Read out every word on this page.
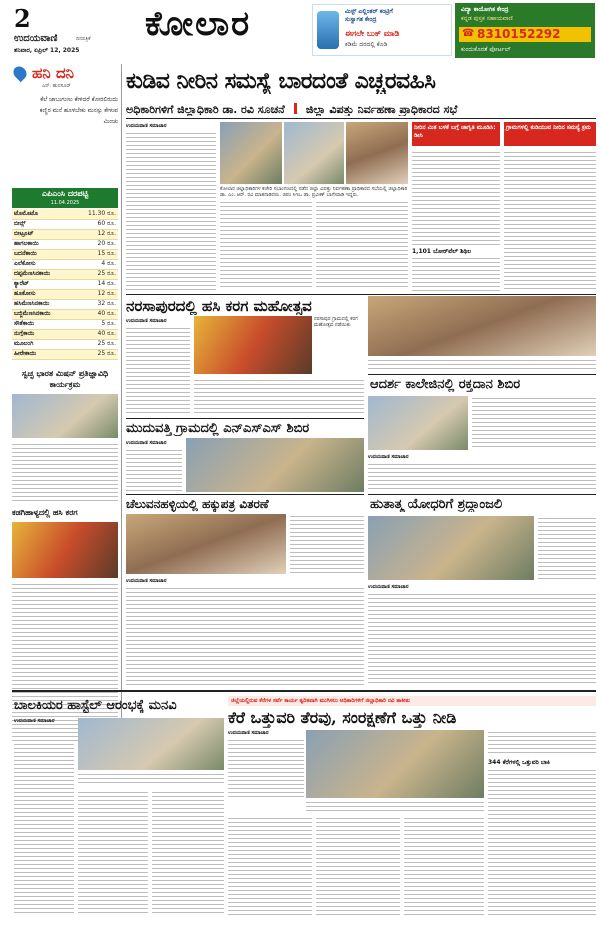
2
ಉದಯವಾಣಿ	ದಿನಪತ್ರಿಕೆ
ಶನಿವಾರ, ಏಪ್ರಿಲ್ 12, 2025
ಕೋಲಾರ	ಮಿಸ್ಟ್ ಎಲ್ಲಿಂತರ್ ಕಂಟ್ರಿಗೆ
ಸುಸ್ವಾಗತ ಕೇಂದ್ರ
ಈಗಲೇ ಬುಕ್ ಮಾಡಿ
ಕಡಿಮೆ ದರದಲ್ಲಿ ಕೊಡಿ
ವಿದ್ಯಾ ಕಾಯೋಗಿಕ ಕೇಂದ್ರ
ಕನ್ನಡ ಪುಸ್ತಕ ಸಹಾಯವಾಣಿ
☎ 8310152292
ಕುಂದುಕೊರತೆ ಪೋರ್ಟಲ್
ಹನಿ ದನಿ
ಎನ್. ಹುನಸೂರ್
ಕೆಲೆ ಜಾಬುಗುಣು ಕೇಳಿದರೆ ಕೋರಲಿರುದು ಕಣ್ಣಿರ ಮನೆ ಹೂಳಬೇಕು ಮನಸ್ಸು ಕೇಳುವ ಮಿಂಚು
ಎಪಿಎಂಸಿ ದರಪಟ್ಟಿ
11.04.2025
ಟೊಮೊಟೊ	11.30 ರೂ.
ಬೀನ್ಸ್	60 ರೂ.
ಬೀಟ್ರೂಟ್	12 ರೂ.
ಹಾಗಲಕಾಯಿ	20 ರೂ.
ಬದನೆಕಾಯಿ	15 ರೂ.
ಎಲೆಕೋಸು	4 ರೂ.
ದಪ್ಪಮೆಣಸಿನಕಾಯಿ	25 ರೂ.
ಕ್ಯಾರೆಟ್	14 ರೂ.
ಹೂಕೋಸು	12 ರೂ.
ಹಸಿಮೆಣಸಿನಕಾಯಿ	32 ರೂ.
ಬಜ್ಜಿಮೆಣಸಿನಕಾಯಿ	40 ರೂ.
ಸೌತೆಕಾಯಿ	5 ರೂ.
ನುಗ್ಗೆಕಾಯಿ	40 ರೂ.
ಮೂಲಂಗಿ	25 ರೂ.
ಹೀರೇಕಾಯಿ	25 ರೂ.
ಸ್ವಚ್ಛ ಭಾರತ ಮಿಷನ್ ಪ್ರತಿಜ್ಞಾವಿಧಿ ಕಾರ್ಯಕ್ರಮ
ಕಡಗಿಹಾಳ್ಯದಲ್ಲಿ ಹಸಿ ಕರಗ
ಕುಡಿವ ನೀರಿನ ಸಮಸ್ಯೆ ಬಾರದಂತೆ ಎಚ್ಚರವಹಿಸಿ
ಅಧಿಕಾರಿಗಳಿಗೆ ಜಿಲ್ಲಾಧಿಕಾರಿ ಡಾ. ರವಿ ಸೂಚನೆ ಜಿಲ್ಲಾ ವಿಪತ್ತು ನಿರ್ವಹಣಾ ಪ್ರಾಧಿಕಾರದ ಸಭೆ
ಉದಯವಾಣಿ ಸಮಾಚಾರ
ಕೋಲಾರ ಜಿಲ್ಲಾಧಿಕಾರಿಗಳ ಕಚೇರಿ ಸಭಾಂಗಣದಲ್ಲಿ ನಡೆದ ಜಿಲ್ಲಾ ವಿಪತ್ತು ನಿರ್ವಹಣಾ ಪ್ರಾಧಿಕಾರದ ಸಭೆಯಲ್ಲಿ ಜಿಲ್ಲಾಧಿಕಾರಿ ಡಾ. ಎಂ. ಆರ್. ರವಿ ಮಾತನಾಡಿದರು. ಜಿಪಂ ಸಿಇಒ ಡಾ. ಪ್ರವೀಣ್ ಬಾಗೇವಾಡಿ ಇದ್ದರು.
ನೀರಿನ ಮಿತ ಬಳಕೆ ಬಗ್ಗೆ ಜಾಗೃತಿ ಮೂಡಿಸಿ: ಡೀಸಿ
1,101 ಬೋರ್‌ವೆಲ್ ಶಿಥಿಲ
ಗ್ರಾಮಗಳಲ್ಲಿ ಕುಡಿಯುವ ನೀರಿನ ಸಮಸ್ಯೆ ಕ್ರಮ
ನರಸಾಪುರದಲ್ಲಿ ಹಸಿ ಕರಗ ಮಹೋತ್ಸವ
ಉದಯವಾಣಿ ಸಮಾಚಾರ	ನರಸಾಪುರ ಗ್ರಾಮದಲ್ಲಿ ಕರಗ ಮಹೋತ್ಸವ ನಡೆಯಿತು
ಆದರ್ಶ ಕಾಲೇಜಿನಲ್ಲಿ ರಕ್ತದಾನ ಶಿಬಿರ
ಉದಯವಾಣಿ ಸಮಾಚಾರ
ಮುದುವತ್ತಿ ಗ್ರಾಮದಲ್ಲಿ ಎನ್ಎಸ್ಎಸ್ ಶಿಬಿರ
ಉದಯವಾಣಿ ಸಮಾಚಾರ
ಚೆಲುವನಹಳ್ಳಿಯಲ್ಲಿ ಹಕ್ಕುಪತ್ರ ವಿತರಣೆ
ಉದಯವಾಣಿ ಸಮಾಚಾರ
ಹುತಾತ್ಮ ಯೋಧರಿಗೆ ಶ್ರದ್ಧಾಂಜಲಿ
ಉದಯವಾಣಿ ಸಮಾಚಾರ
ಬಾಲಕಿಯರ ಹಾಸ್ಟೆಲ್ ಆರಂಭಕ್ಕೆ ಮನವಿ
ಉದಯವಾಣಿ ಸಮಾಚಾರ
ಜಿಲ್ಲೆಯಲ್ಲಿರುವ ಕೆರೆಗಳ ಸರ್ವೆ ಕಾರ್ಯ ತ್ವರಿತವಾಗಿ ಮುಗಿಸಲು ಅಧಿಕಾರಿಗಳಿಗೆ ಜಿಲ್ಲಾಧಿಕಾರಿ ರವಿ ತಾಕೀತು
ಕೆರೆ ಒತ್ತುವರಿ ತೆರವು, ಸಂರಕ್ಷಣೆಗೆ ಒತ್ತು ನೀಡಿ
ಉದಯವಾಣಿ ಸಮಾಚಾರ
344 ಕೆರೆಗಳಲ್ಲಿ ಒತ್ತುವರಿ ಬಾಕಿ
